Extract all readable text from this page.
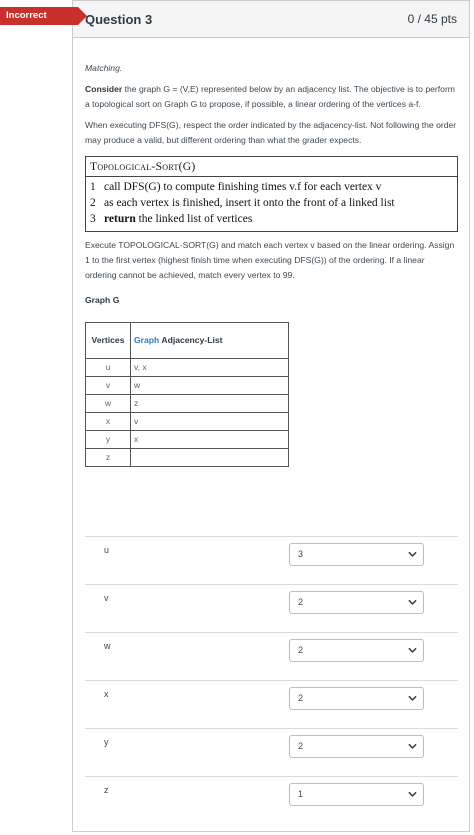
Incorrect	Question 3	0 / 45 pts

Matching.

Consider the graph G = (V,E) represented below by an adjacency list. The objective is to perform a topological sort on Graph G to propose, if possible, a linear ordering of the vertices a-f.

When executing DFS(G), respect the order indicated by the adjacency-list. Not following the order may produce a valid, but different ordering than what the grader expects.

Topological-Sort(G)
1 call DFS(G) to compute finishing times v.f for each vertex v
2 as each vertex is finished, insert it onto the front of a linked list
3 return the linked list of vertices

Execute TOPOLOGICAL-SORT(G) and match each vertex v based on the linear ordering. Assign 1 to the first vertex (highest finish time when executing DFS(G)) of the ordering. If a linear ordering cannot be achieved, match every vertex to 99.

Graph G
Vertices	Graph Adjacency-List
u	v, x
v	w
w	z
x	v
y	x
z	
u	3
v	2
w	2
x	2
y	2
z	1
